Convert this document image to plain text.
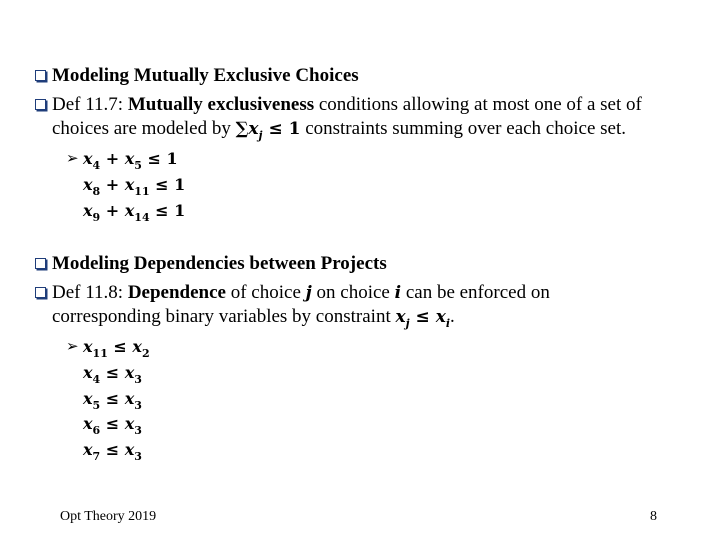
Modeling Mutually Exclusive Choices
Def 11.7: Mutually exclusiveness conditions allowing at most one of a set of
choices are modeled by $\sum x_j \le 1$ constraints summing over each choice set.
➢ $x_4 + x_5 \le 1$
$x_8 + x_{11} \le 1$
$x_9 + x_{14} \le 1$
Modeling Dependencies between Projects
Def 11.8: Dependence of choice j on choice i can be enforced on
corresponding binary variables by constraint $x_j \le x_i$.
➢ $x_{11} \le x_2$
$x_4 \le x_3$
$x_5 \le x_3$
$x_6 \le x_3$
$x_7 \le x_3$
Opt Theory 2019	8
